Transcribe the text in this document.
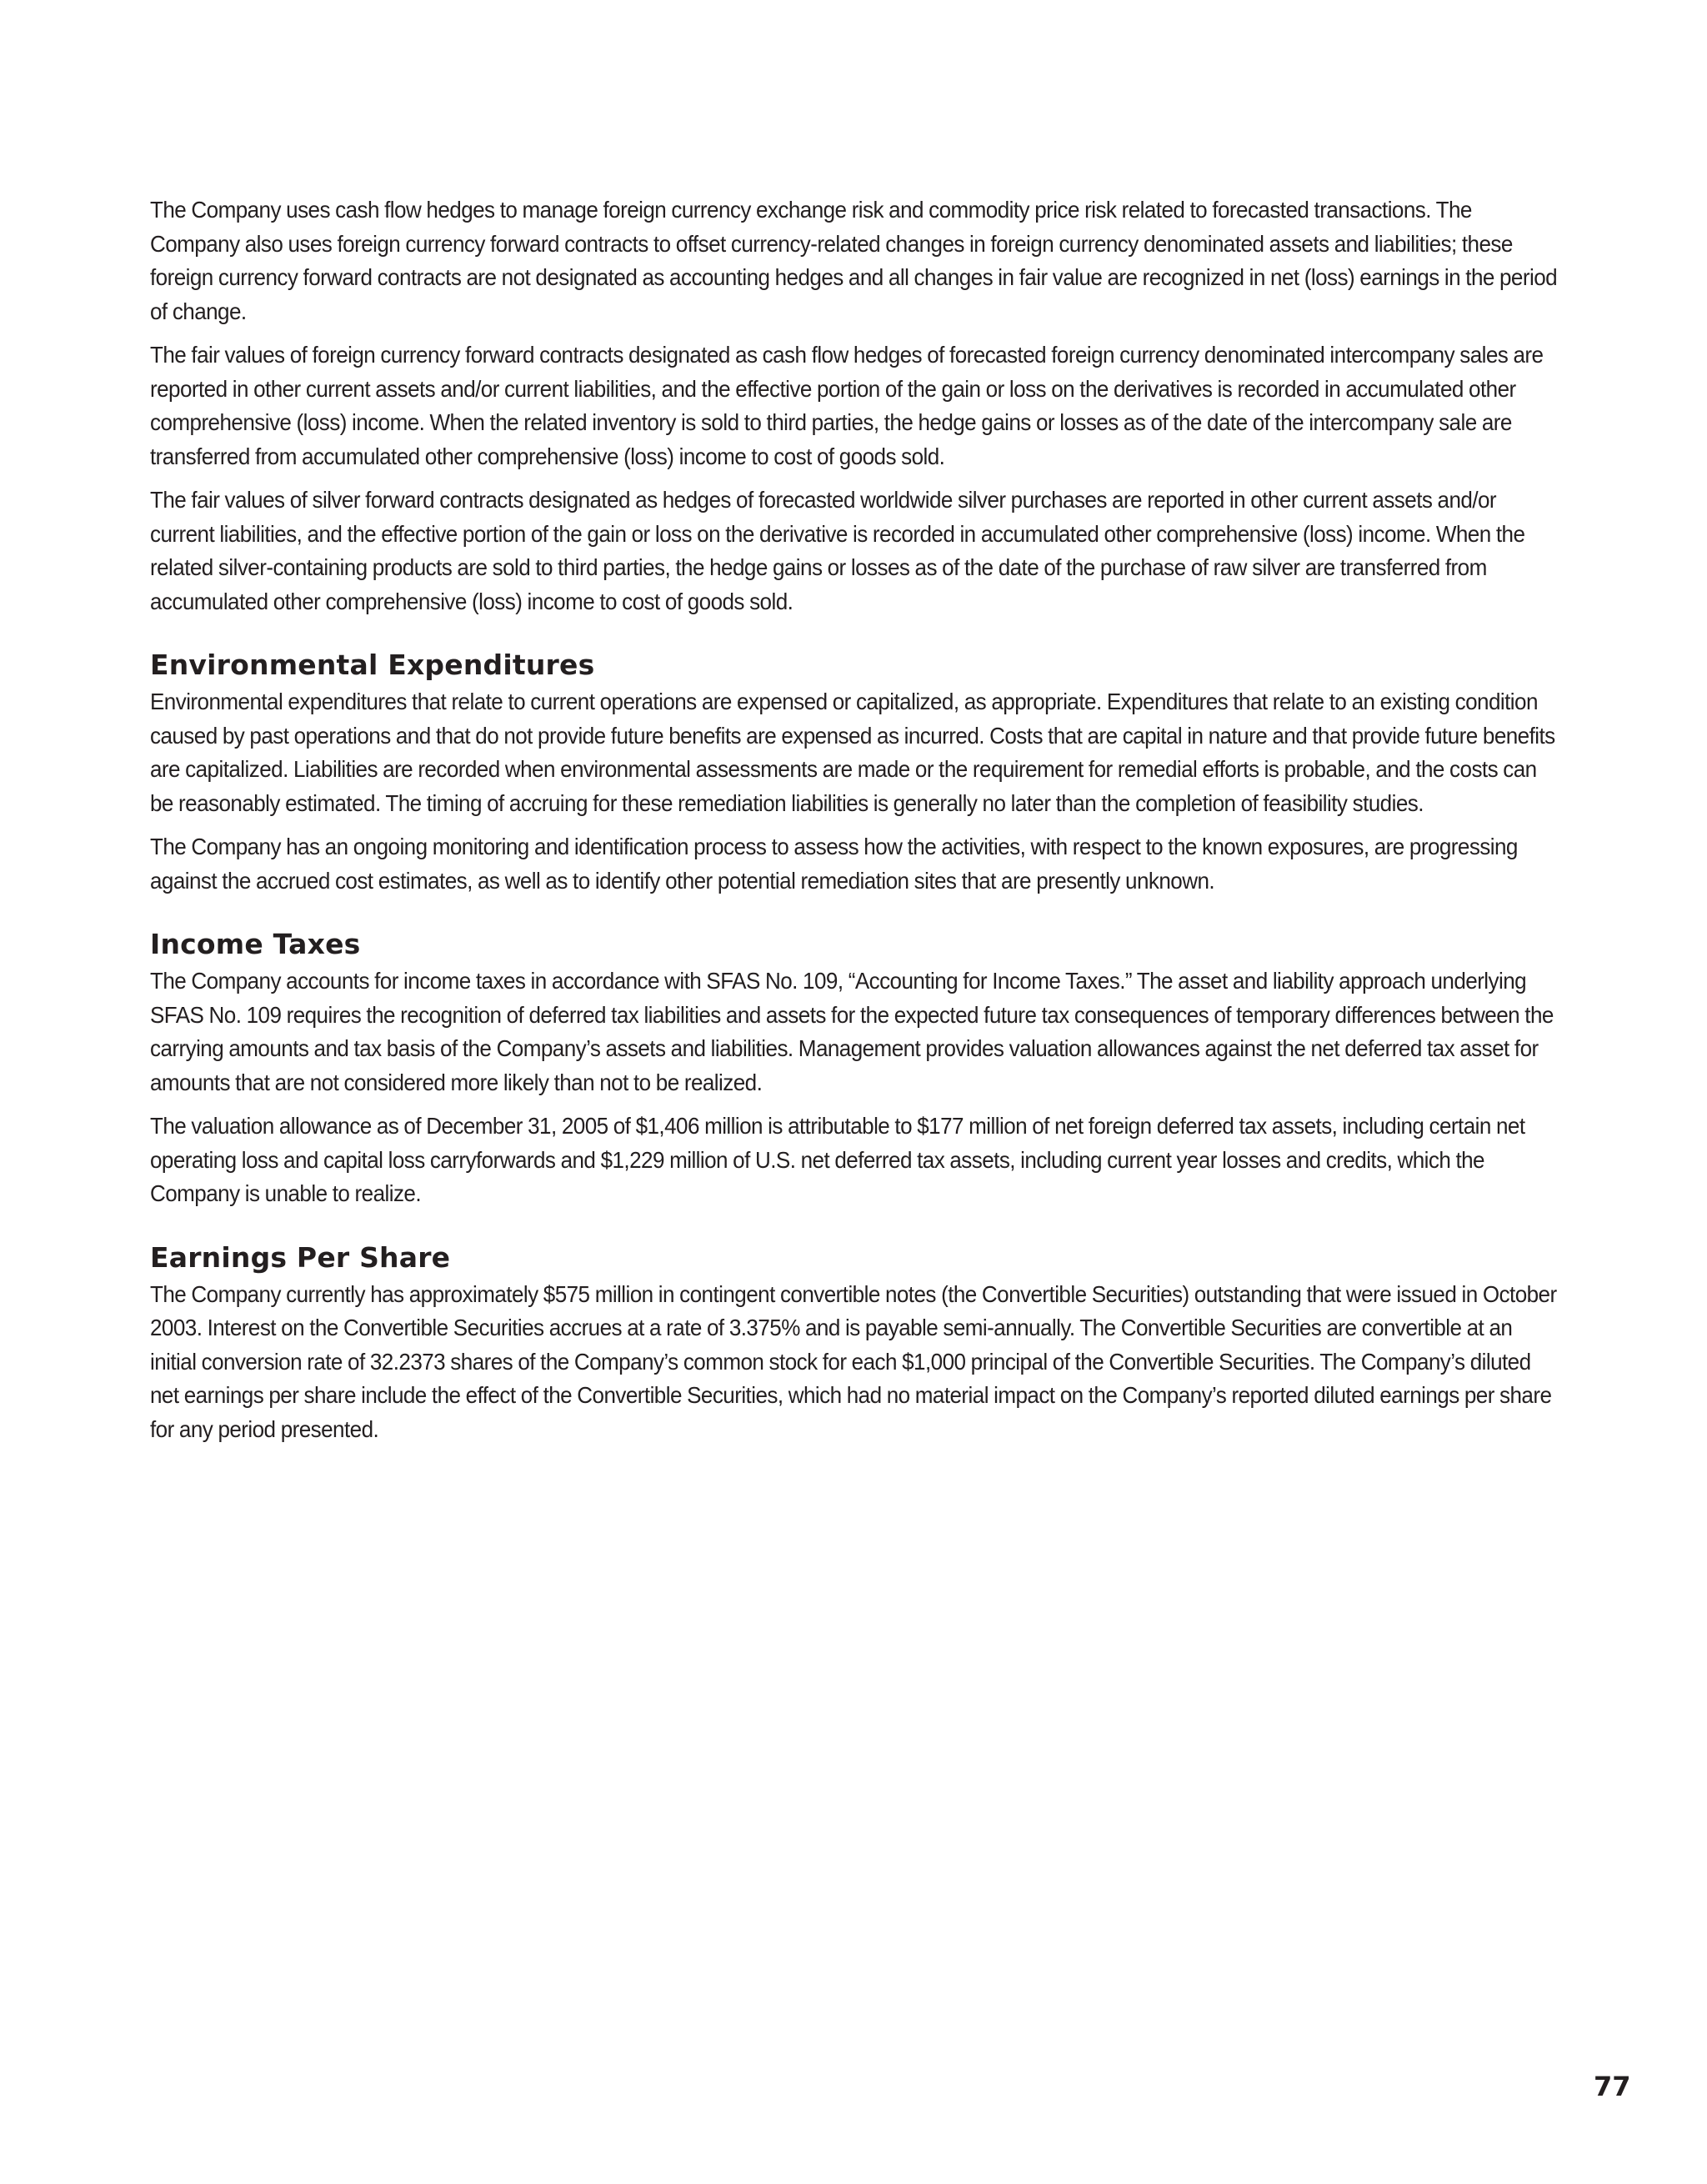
The Company uses cash flow hedges to manage foreign currency exchange risk and commodity price risk related to forecasted transactions. The Company also uses foreign currency forward contracts to offset currency-related changes in foreign currency denominated assets and liabilities; these foreign currency forward contracts are not designated as accounting hedges and all changes in fair value are recognized in net (loss) earnings in the period of change.

The fair values of foreign currency forward contracts designated as cash flow hedges of forecasted foreign currency denominated intercompany sales are reported in other current assets and/or current liabilities, and the effective portion of the gain or loss on the derivatives is recorded in accumulated other comprehensive (loss) income. When the related inventory is sold to third parties, the hedge gains or losses as of the date of the intercompany sale are transferred from accumulated other comprehensive (loss) income to cost of goods sold.

The fair values of silver forward contracts designated as hedges of forecasted worldwide silver purchases are reported in other current assets and/or current liabilities, and the effective portion of the gain or loss on the derivative is recorded in accumulated other comprehensive (loss) income. When the related silver-containing products are sold to third parties, the hedge gains or losses as of the date of the purchase of raw silver are transferred from accumulated other comprehensive (loss) income to cost of goods sold.

Environmental Expenditures

Environmental expenditures that relate to current operations are expensed or capitalized, as appropriate. Expenditures that relate to an existing condition caused by past operations and that do not provide future benefits are expensed as incurred. Costs that are capital in nature and that provide future benefits are capitalized. Liabilities are recorded when environmental assessments are made or the requirement for remedial efforts is probable, and the costs can be reasonably estimated. The timing of accruing for these remediation liabilities is generally no later than the completion of feasibility studies.

The Company has an ongoing monitoring and identification process to assess how the activities, with respect to the known exposures, are progressing against the accrued cost estimates, as well as to identify other potential remediation sites that are presently unknown.

Income Taxes

The Company accounts for income taxes in accordance with SFAS No. 109, “Accounting for Income Taxes.” The asset and liability approach underlying SFAS No. 109 requires the recognition of deferred tax liabilities and assets for the expected future tax consequences of temporary differences between the carrying amounts and tax basis of the Company’s assets and liabilities. Management provides valuation allowances against the net deferred tax asset for amounts that are not considered more likely than not to be realized.

The valuation allowance as of December 31, 2005 of $1,406 million is attributable to $177 million of net foreign deferred tax assets, including certain net operating loss and capital loss carryforwards and $1,229 million of U.S. net deferred tax assets, including current year losses and credits, which the Company is unable to realize.

Earnings Per Share

The Company currently has approximately $575 million in contingent convertible notes (the Convertible Securities) outstanding that were issued in October 2003. Interest on the Convertible Securities accrues at a rate of 3.375% and is payable semi-annually. The Convertible Securities are convertible at an initial conversion rate of 32.2373 shares of the Company’s common stock for each $1,000 principal of the Convertible Securities. The Company’s diluted net earnings per share include the effect of the Convertible Securities, which had no material impact on the Company’s reported diluted earnings per share for any period presented.

77
